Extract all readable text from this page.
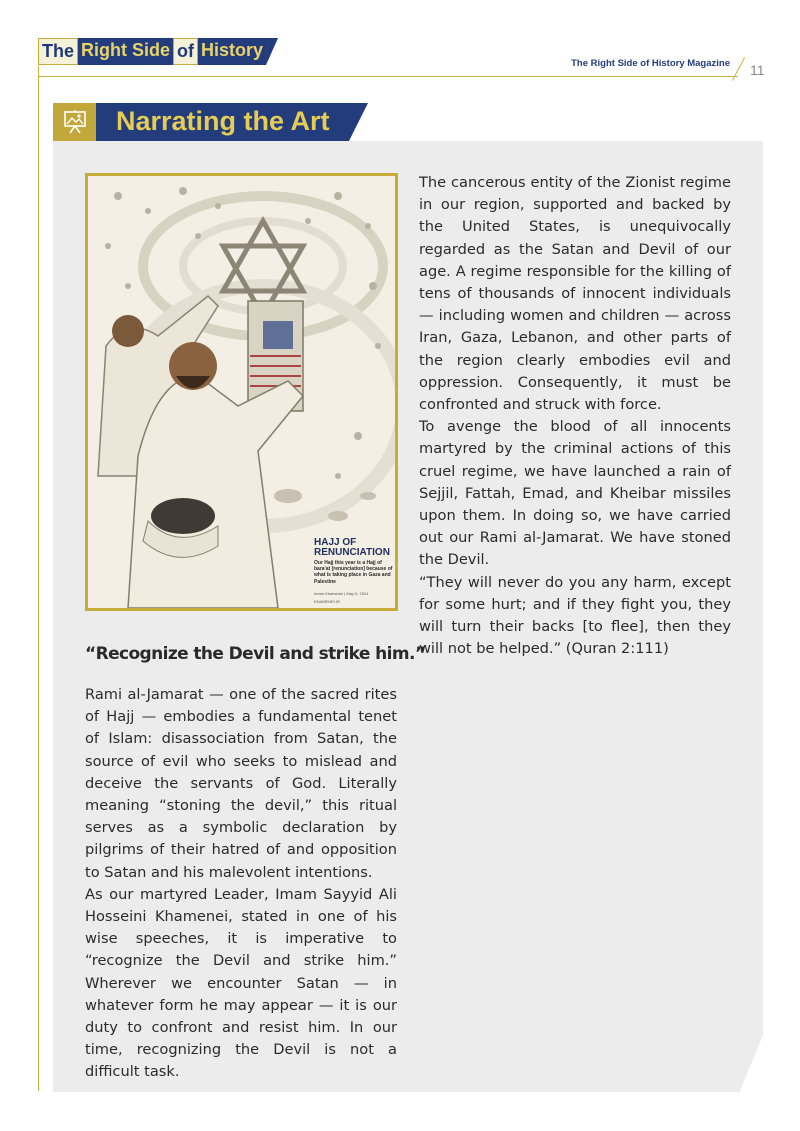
The Right Side of History
The Right Side of History Magazine 11
Narrating the Art
HAJJ OF
RENUNCIATION
Our Hajj this year is a Hajj of bara'at [renunciation] because of what is taking place in Gaza and Palestine
Imam Khamenei | May 5, 2024
KHAMENEI.IR

The cancerous entity of the Zionist regime in our region, supported and backed by the United States, is unequivocally regarded as the Satan and Devil of our age. A regime responsible for the killing of tens of thousands of innocent individuals — including women and children — across Iran, Gaza, Lebanon, and other parts of the region clearly embodies evil and oppression. Consequently, it must be confronted and struck with force.

To avenge the blood of all innocents martyred by the criminal actions of this cruel regime, we have launched a rain of Sejjil, Fattah, Emad, and Kheibar missiles upon them. In doing so, we have carried out our Rami al-Jamarat. We have stoned the Devil.

“They will never do you any harm, except for some hurt; and if they fight you, they will turn their backs [to flee], then they will not be helped.” (Quran 2:111)

“Recognize the Devil and strike him.”

Rami al-Jamarat — one of the sacred rites of Hajj — embodies a fundamental tenet of Islam: disassociation from Satan, the source of evil who seeks to mislead and deceive the servants of God. Literally meaning “stoning the devil,” this ritual serves as a symbolic declaration by pilgrims of their hatred of and opposition to Satan and his malevolent intentions.

As our martyred Leader, Imam Sayyid Ali Hosseini Khamenei, stated in one of his wise speeches, it is imperative to “recognize the Devil and strike him.” Wherever we encounter Satan — in whatever form he may appear — it is our duty to confront and resist him. In our time, recognizing the Devil is not a difficult task.
